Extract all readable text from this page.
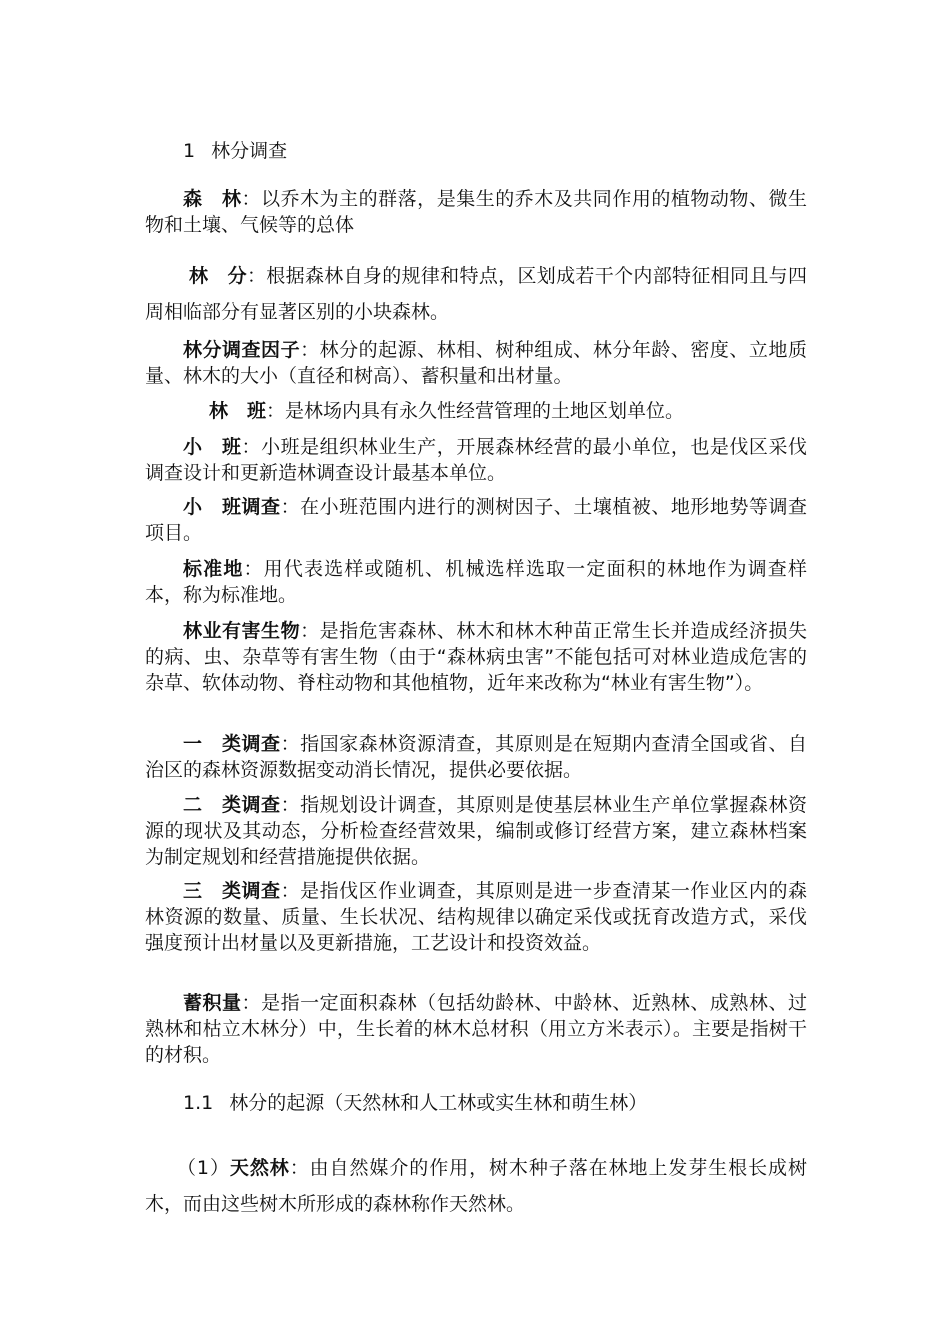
1 林分调查
森　林：以乔木为主的群落，是集生的乔木及共同作用的植物动物、微生物和土壤、气候等的总体
林　分：根据森林自身的规律和特点，区划成若干个内部特征相同且与四周相临部分有显著区别的小块森林。
林分调查因子：林分的起源、林相、树种组成、林分年龄、密度、立地质量、林木的大小（直径和树高）、蓄积量和出材量。
林　班：是林场内具有永久性经营管理的土地区划单位。
小　班：小班是组织林业生产，开展森林经营的最小单位，也是伐区采伐调查设计和更新造林调查设计最基本单位。
小　班调查：在小班范围内进行的测树因子、土壤植被、地形地势等调查项目。
标准地：用代表选样或随机、机械选样选取一定面积的林地作为调查样本，称为标准地。
林业有害生物：是指危害森林、林木和林木种苗正常生长并造成经济损失的病、虫、杂草等有害生物（由于“森林病虫害”不能包括可对林业造成危害的杂草、软体动物、脊柱动物和其他植物，近年来改称为“林业有害生物”）。
一　类调查：指国家森林资源清查，其原则是在短期内查清全国或省、自治区的森林资源数据变动消长情况，提供必要依据。
二　类调查：指规划设计调查，其原则是使基层林业生产单位掌握森林资源的现状及其动态，分析检查经营效果，编制或修订经营方案，建立森林档案为制定规划和经营措施提供依据。
三　类调查：是指伐区作业调查，其原则是进一步查清某一作业区内的森林资源的数量、质量、生长状况、结构规律以确定采伐或抚育改造方式，采伐强度预计出材量以及更新措施，工艺设计和投资效益。
蓄积量：是指一定面积森林（包括幼龄林、中龄林、近熟林、成熟林、过熟林和枯立木林分）中，生长着的林木总材积（用立方米表示）。主要是指树干的材积。
1.1 林分的起源（天然林和人工林或实生林和萌生林）
（1）天然林：由自然媒介的作用，树木种子落在林地上发芽生根长成树木，而由这些树木所形成的森林称作天然林。
